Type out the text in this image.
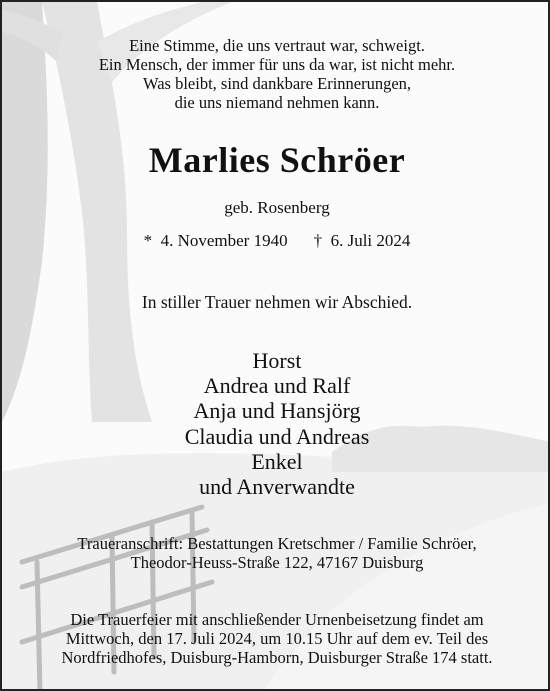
Eine Stimme, die uns vertraut war, schweigt.
Ein Mensch, der immer für uns da war, ist nicht mehr.
Was bleibt, sind dankbare Erinnerungen,
die uns niemand nehmen kann.
Marlies Schröer
geb. Rosenberg
* 4. November 1940 † 6. Juli 2024
In stiller Trauer nehmen wir Abschied.
Horst
Andrea und Ralf
Anja und Hansjörg
Claudia und Andreas
Enkel
und Anverwandte
Traueranschrift: Bestattungen Kretschmer / Familie Schröer,
Theodor-Heuss-Straße 122, 47167 Duisburg
Die Trauerfeier mit anschließender Urnenbeisetzung findet am
Mittwoch, den 17. Juli 2024, um 10.15 Uhr auf dem ev. Teil des
Nordfriedhofes, Duisburg-Hamborn, Duisburger Straße 174 statt.
